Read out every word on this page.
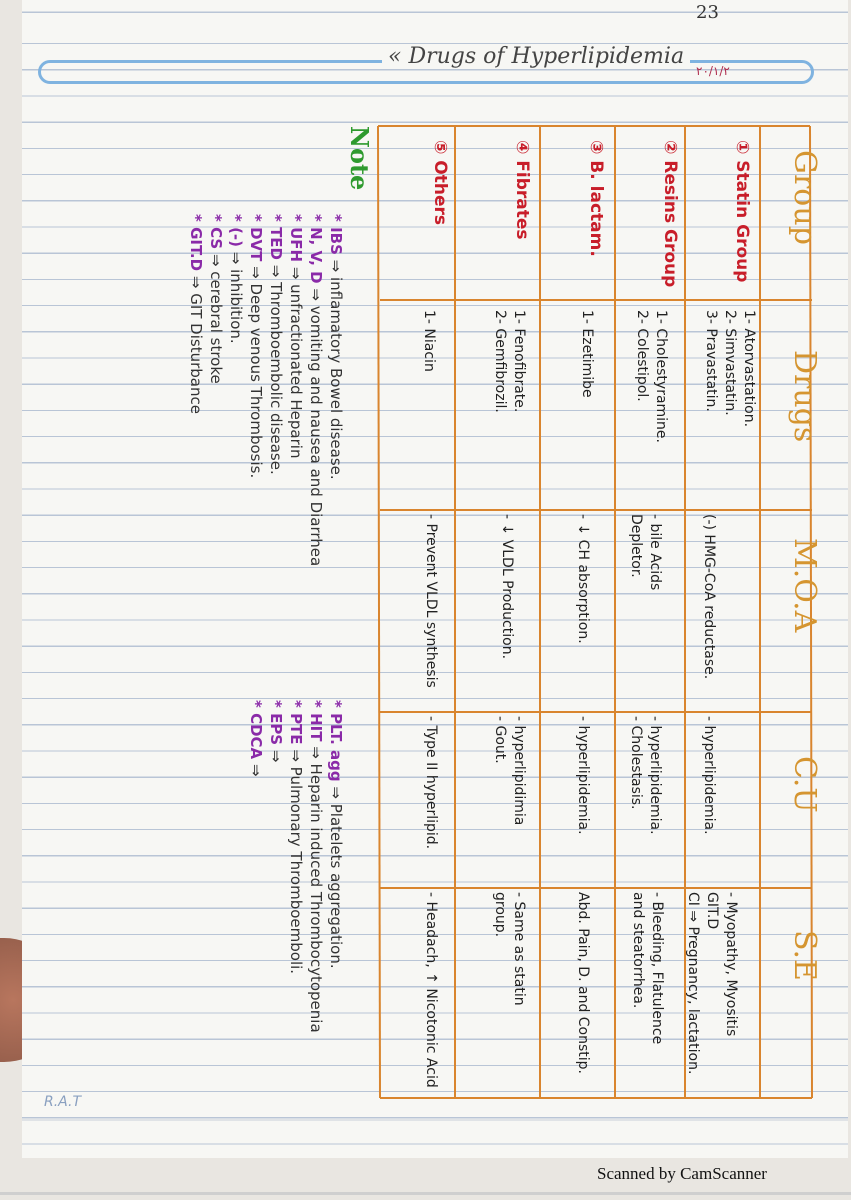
23
« Drugs of Hyperlipidemia
٢٠/١/٢
Group
Drugs
M.O.A
C.U
S.E
① Statin Group
② Resins Group
③ B. lactam.
④ Fibrates
⑤ Others
1- Atorvastation.
2- Simvastatin.
3- Pravastatin.
1- Cholestyramine.
2- Colestipol.
1- Ezetimibe
1- Fenofibrate.
2- Gemfibrozil.
1- Niacin
(-) HMG-CoA reductase.
- bile Acids
Depletor.
- ↓ CH absorption.
- ↓ VLDL Production.
- Prevent VLDL synthesis
- hyperlipidemia.
- hyperlipidemia.
- Cholestasis.
- hyperlipidemia.
- hyperlipidimia
- Gout.
- Type II hyperlipid.
- Myopathy, Myositis
GIT.D
CI ⇒ Pregnancy, lactation.
- Bleeding, Flatulence
and steatorrhea.
Abd. Pain, D. and Constip.
- Same as statin
group.
- Headach, ↑ Nicotonic Acid
Note
* IBS ⇒ inflamatory Bowel disease.
* N, V, D ⇒ vomiting and nausea and Diarrhea
* UFH ⇒ unfractionated Heparin
* TED ⇒ Thromboembolic disease.
* DVT ⇒ Deep venous Thrombosis.
* (-) ⇒ inhibition.
* CS ⇒ cerebral stroke
* GIT.D ⇒ GIT Disturbance
* PLT. agg ⇒ Platelets aggregation.
* HIT ⇒ Heparin induced Thrombocytopenia
* PTE ⇒ Pulmonary Thromboemboli.
* EPS ⇒
* CDCA ⇒
R.A.T
Scanned by CamScanner
